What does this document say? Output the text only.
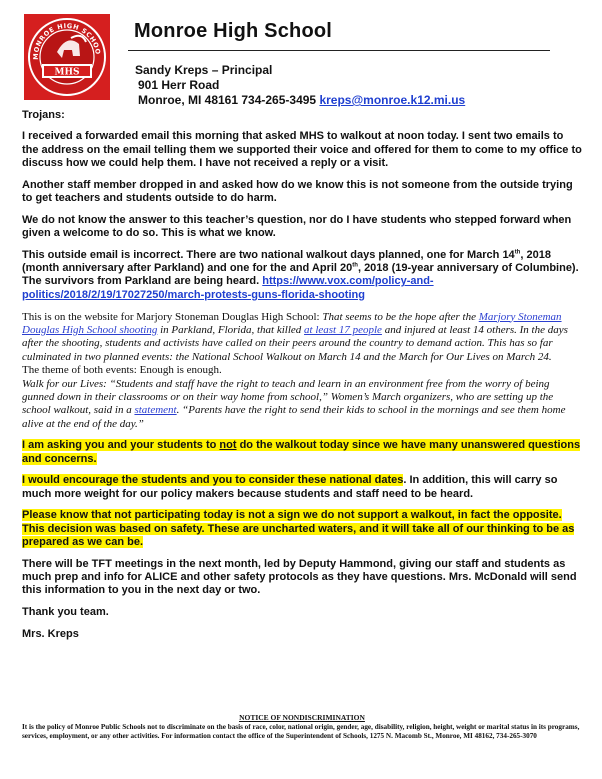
MONROE HIGH SCHOO
MHS
Monroe High School
Sandy Kreps – Principal
901 Herr Road
Monroe, MI 48161 734-265-3495 kreps@monroe.k12.mi.us

Trojans:

I received a forwarded email this morning that asked MHS to walkout at noon today. I sent two emails to the address on the email telling them we supported their voice and offered for them to come to my office to discuss how we could help them. I have not received a reply or a visit.

Another staff member dropped in and asked how do we know this is not someone from the outside trying to get teachers and students outside to do harm.

We do not know the answer to this teacher’s question, nor do I have students who stepped forward when given a welcome to do so. This is what we know.

This outside email is incorrect. There are two national walkout days planned, one for March 14th, 2018 (month anniversary after Parkland) and one for the and April 20th, 2018 (19-year anniversary of Columbine). The survivors from Parkland are being heard. https://www.vox.com/policy-and-politics/2018/2/19/17027250/march-protests-guns-florida-shooting

This is on the website for Marjory Stoneman Douglas High School: That seems to be the hope after the Marjory Stoneman Douglas High School shooting in Parkland, Florida, that killed at least 17 people and injured at least 14 others. In the days after the shooting, students and activists have called on their peers around the country to demand action. This has so far culminated in two planned events: the National School Walkout on March 14 and the March for Our Lives on March 24.
The theme of both events: Enough is enough.
Walk for our Lives: “Students and staff have the right to teach and learn in an environment free from the worry of being gunned down in their classrooms or on their way home from school,” Women’s March organizers, who are setting up the school walkout, said in a statement. “Parents have the right to send their kids to school in the mornings and see them home alive at the end of the day.”

I am asking you and your students to not do the walkout today since we have many unanswered questions and concerns.

I would encourage the students and you to consider these national dates. In addition, this will carry so much more weight for our policy makers because students and staff need to be heard.

Please know that not participating today is not a sign we do not support a walkout, in fact the opposite. This decision was based on safety. These are uncharted waters, and it will take all of our thinking to be as prepared as we can be.

There will be TFT meetings in the next month, led by Deputy Hammond, giving our staff and students as much prep and info for ALICE and other safety protocols as they have questions. Mrs. McDonald will send this information to you in the next day or two.

Thank you team.

Mrs. Kreps

NOTICE OF NONDISCRIMINATION
It is the policy of Monroe Public Schools not to discriminate on the basis of race, color, national origin, gender, age, disability, religion, height, weight or marital status in its programs, services, employment, or any other activities. For information contact the office of the Superintendent of Schools, 1275 N. Macomb St., Monroe, MI 48162, 734-265-3070
